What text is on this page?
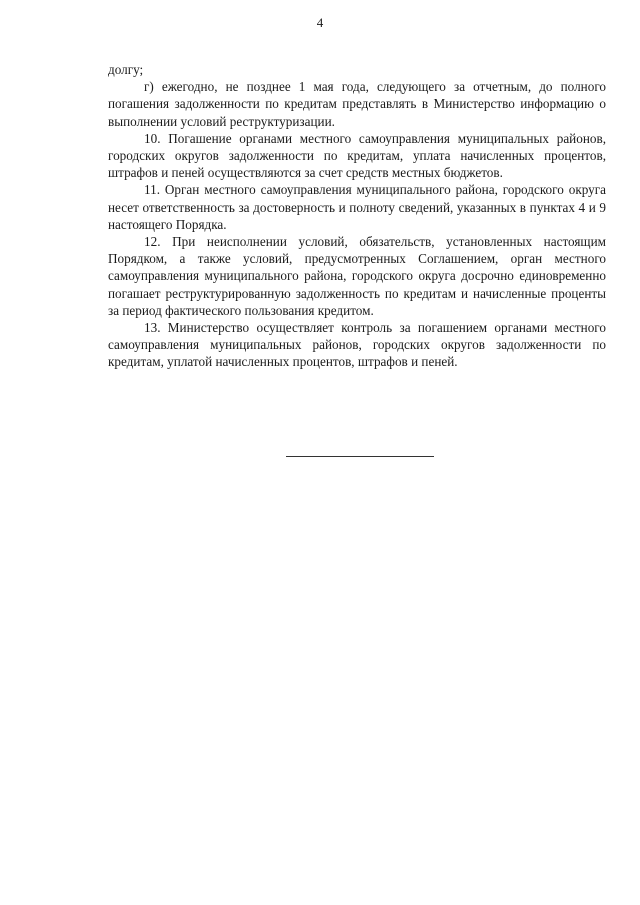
4

долгу;

г) ежегодно, не позднее 1 мая года, следующего за отчетным, до полного погашения задолженности по кредитам представлять в Министерство информацию о выполнении условий реструктуризации.

10. Погашение органами местного самоуправления муниципальных районов, городских округов задолженности по кредитам, уплата начисленных процентов, штрафов и пеней осуществляются за счет средств местных бюджетов.

11. Орган местного самоуправления муниципального района, городского округа несет ответственность за достоверность и полноту сведений, указанных в пунктах 4 и 9 настоящего Порядка.

12. При неисполнении условий, обязательств, установленных настоящим Порядком, а также условий, предусмотренных Соглашением, орган местного самоуправления муниципального района, городского округа досрочно единовременно погашает реструктурированную задолженность по кредитам и начисленные проценты за период фактического пользования кредитом.

13. Министерство осуществляет контроль за погашением органами местного самоуправления муниципальных районов, городских округов задолженности по кредитам, уплатой начисленных процентов, штрафов и пеней.
